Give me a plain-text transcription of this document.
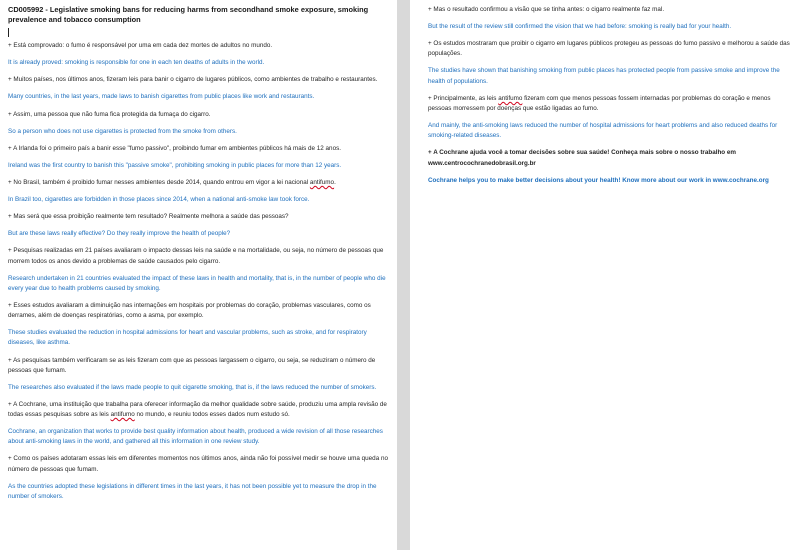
CD005992 - Legislative smoking bans for reducing harms from secondhand smoke exposure, smoking prevalence and tobacco consumption
+ Está comprovado: o fumo é responsável por uma em cada dez mortes de adultos no mundo.
It is already proved: smoking is responsible for one in each ten deaths of adults in the world.
+ Muitos países, nos últimos anos, fizeram leis para banir o cigarro de lugares públicos, como ambientes de trabalho e restaurantes.
Many countries, in the last years, made laws to banish cigarettes from public places like work and restaurants.
+ Assim, uma pessoa que não fuma fica protegida da fumaça do cigarro.
So a person who does not use cigarettes is protected from the smoke from others.
+ A Irlanda foi o primeiro país a banir esse "fumo passivo", proibindo fumar em ambientes públicos há mais de 12 anos.
Ireland was the first country to banish this "passive smoke", prohibiting smoking in public places for more than 12 years.
+ No Brasil, também é proibido fumar nesses ambientes desde 2014, quando entrou em vigor a lei nacional antifumo.
In Brazil too, cigarettes are forbidden in those places since 2014, when a national anti-smoke law took force.
+ Mas será que essa proibição realmente tem resultado? Realmente melhora a saúde das pessoas?
But are these laws really effective? Do they really improve the health of people?
+ Pesquisas realizadas em 21 países avaliaram o impacto dessas leis na saúde e na mortalidade, ou seja, no número de pessoas que morrem todos os anos devido a problemas de saúde causados pelo cigarro.
Research undertaken in 21 countries evaluated the impact of these laws in health and mortality, that is, in the number of people who die every year due to health problems caused by smoking.
+ Esses estudos avaliaram a diminuição nas internações em hospitais por problemas do coração, problemas vasculares, como os derrames, além de doenças respiratórias, como a asma, por exemplo.
These studies evaluated the reduction in hospital admissions for heart and vascular problems, such as stroke, and for respiratory diseases, like asthma.
+ As pesquisas também verificaram se as leis fizeram com que as pessoas largassem o cigarro, ou seja, se reduziram o número de pessoas que fumam.
The researches also evaluated if the laws made people to quit cigarette smoking, that is, if the laws reduced the number of smokers.
+ A Cochrane, uma instituição que trabalha para oferecer informação da melhor qualidade sobre saúde, produziu uma ampla revisão de todas essas pesquisas sobre as leis antifumo no mundo, e reuniu todos esses dados num estudo só.
Cochrane, an organization that works to provide best quality information about health, produced a wide revision of all those researches about anti-smoking laws in the world, and gathered all this information in one review study.
+ Como os países adotaram essas leis em diferentes momentos nos últimos anos, ainda não foi possível medir se houve uma queda no número de pessoas que fumam.
As the countries adopted these legislations in different times in the last years, it has not been possible yet to measure the drop in the number of smokers.
+ Mas o resultado confirmou a visão que se tinha antes: o cigarro realmente faz mal.
But the result of the review still confirmed the vision that we had before: smoking is really bad for your health.
+ Os estudos mostraram que proibir o cigarro em lugares públicos protegeu as pessoas do fumo passivo e melhorou a saúde das populações.
The studies have shown that banishing smoking from public places has protected people from passive smoke and improve the health of populations.
+ Principalmente, as leis antifumo fizeram com que menos pessoas fossem internadas por problemas do coração e menos pessoas morressem por doenças que estão ligadas ao fumo.
And mainly, the anti-smoking laws reduced the number of hospital admissions for heart problems and also reduced deaths for smoking-related diseases.
+ A Cochrane ajuda você a tomar decisões sobre sua saúde! Conheça mais sobre o nosso trabalho em www.centrocochranedobrasil.org.br
Cochrane helps you to make better decisions about your health! Know more about our work in www.cochrane.org
